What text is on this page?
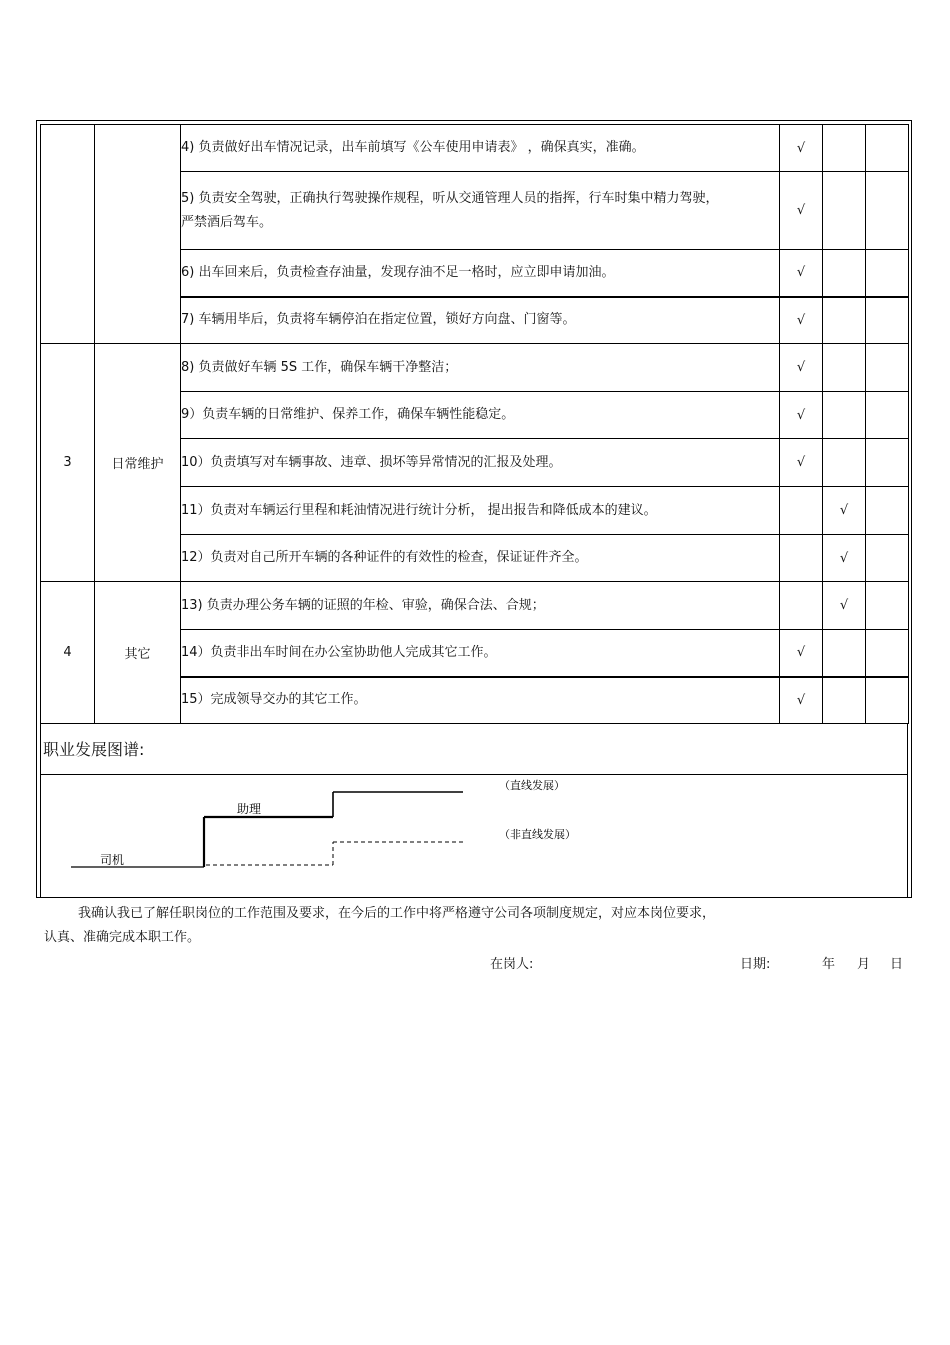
		4) 负责做好出车情况记录，出车前填写《公车使用申请表》 ，确保真实，准确。	√		
		5) 负责安全驾驶，正确执行驾驶操作规程，听从交通管理人员的指挥，行车时集中精力驾驶，严禁酒后驾车。	√		
		6) 出车回来后，负责检查存油量，发现存油不足一格时，应立即申请加油。	√		
		7) 车辆用毕后，负责将车辆停泊在指定位置，锁好方向盘、门窗等。	√		
3	日常维护	8) 负责做好车辆 5S 工作，确保车辆干净整洁；	√		
		9）负责车辆的日常维护、保养工作，确保车辆性能稳定。	√		
		10）负责填写对车辆事故、违章、损坏等异常情况的汇报及处理。	√		
		11）负责对车辆运行里程和耗油情况进行统计分析， 提出报告和降低成本的建议。		√	
		12）负责对自己所开车辆的各种证件的有效性的检查，保证证件齐全。		√	
4	其它	13) 负责办理公务车辆的证照的年检、审验，确保合法、合规；		√	
		14）负责非出车时间在办公室协助他人完成其它工作。	√		
		15）完成领导交办的其它工作。	√		
职业发展图谱:
司机
助理
（直线发展）
（非直线发展）

我确认我已了解任职岗位的工作范围及要求，在今后的工作中将严格遵守公司各项制度规定，对应本岗位要求，

认真、准确完成本职工作。

在岗人:	日期:	年 月 日
